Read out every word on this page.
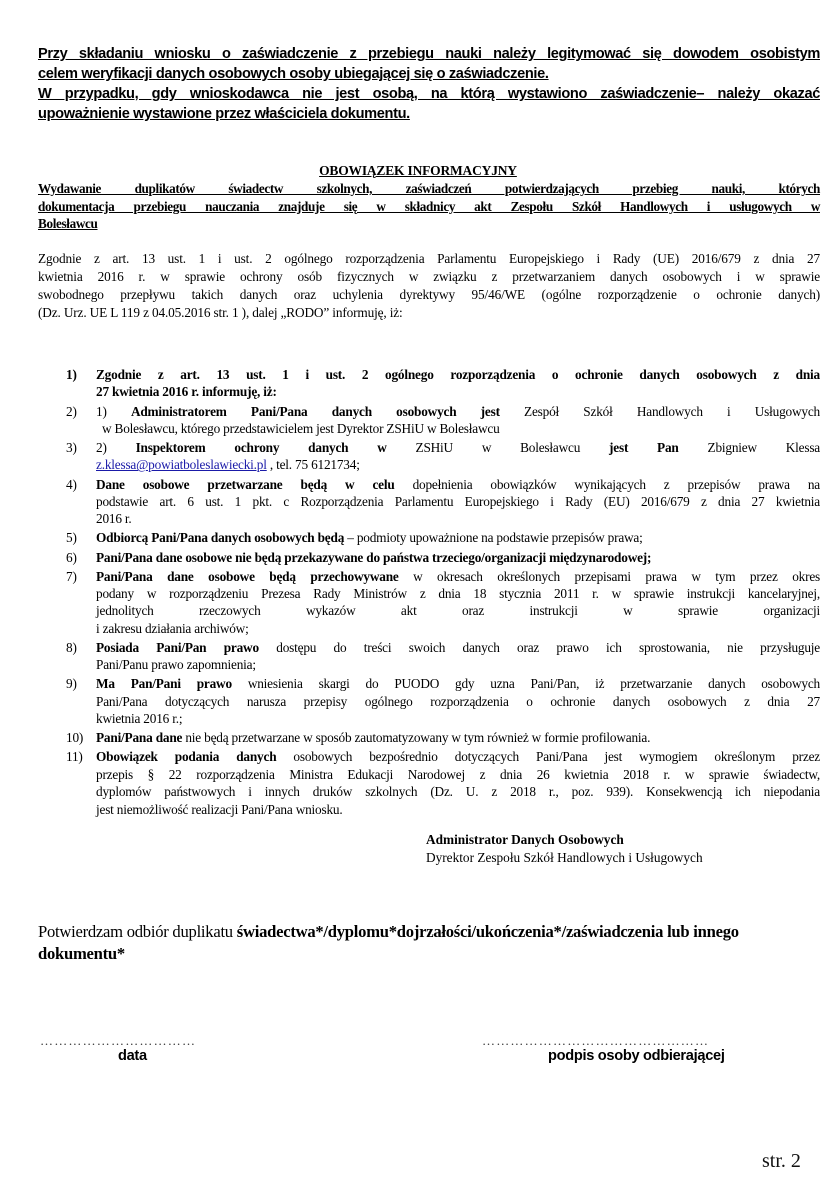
Przy składaniu wniosku o zaświadczenie z przebiegu nauki należy legitymować się dowodem osobistym

celem weryfikacji danych osobowych osoby ubiegającej się o zaświadczenie.

W przypadku, gdy wnioskodawca nie jest osobą, na którą wystawiono zaświadczenie– należy okazać

upoważnienie wystawione przez właściciela dokumentu.

OBOWIĄZEK INFORMACYJNY
Wydawanie duplikatów świadectw szkolnych, zaświadczeń potwierdzających przebieg nauki, których
dokumentacja przebiegu nauczania znajduje się w składnicy akt Zespołu Szkół Handlowych i usługowych w
Bolesławcu
Zgodnie z art. 13 ust. 1 i ust. 2 ogólnego rozporządzenia Parlamentu Europejskiego i Rady (UE) 2016/679 z dnia 27
kwietnia 2016 r. w sprawie ochrony osób fizycznych w związku z przetwarzaniem danych osobowych i w sprawie
swobodnego przepływu takich danych oraz uchylenia dyrektywy 95/46/WE (ogólne rozporządzenie o ochronie danych)
(Dz. Urz. UE L 119 z 04.05.2016 str. 1 ), dalej „RODO” informuję, iż:
1) Zgodnie z art. 13 ust. 1 i ust. 2 ogólnego rozporządzenia o ochronie danych osobowych z dnia
27 kwietnia 2016 r. informuję, iż:
2) 1) Administratorem Pani/Pana danych osobowych jest Zespół Szkół Handlowych i Usługowych
w Bolesławcu, którego przedstawicielem jest Dyrektor ZSHiU w Bolesławcu
3) 2) Inspektorem ochrony danych w ZSHiU w Bolesławcu jest Pan Zbigniew Klessa
z.klessa@powiatboleslawiecki.pl , tel. 75 6121734;
4) Dane osobowe przetwarzane będą w celu dopełnienia obowiązków wynikających z przepisów prawa na
podstawie art. 6 ust. 1 pkt. c Rozporządzenia Parlamentu Europejskiego i Rady (EU) 2016/679 z dnia 27 kwietnia
2016 r.
5) Odbiorcą Pani/Pana danych osobowych będą – podmioty upoważnione na podstawie przepisów prawa;
6) Pani/Pana dane osobowe nie będą przekazywane do państwa trzeciego/organizacji międzynarodowej;
7) Pani/Pana dane osobowe będą przechowywane w okresach określonych przepisami prawa w tym przez okres
podany w rozporządzeniu Prezesa Rady Ministrów z dnia 18 stycznia 2011 r. w sprawie instrukcji kancelaryjnej,
jednolitych rzeczowych wykazów akt oraz instrukcji w sprawie organizacji
i zakresu działania archiwów;
8) Posiada Pani/Pan prawo dostępu do treści swoich danych oraz prawo ich sprostowania, nie przysługuje
Pani/Panu prawo zapomnienia;
9) Ma Pan/Pani prawo wniesienia skargi do PUODO gdy uzna Pani/Pan, iż przetwarzanie danych osobowych
Pani/Pana dotyczących narusza przepisy ogólnego rozporządzenia o ochronie danych osobowych z dnia 27
kwietnia 2016 r.;
10) Pani/Pana dane nie będą przetwarzane w sposób zautomatyzowany w tym również w formie profilowania.
11) Obowiązek podania danych osobowych bezpośrednio dotyczących Pani/Pana jest wymogiem określonym przez
przepis § 22 rozporządzenia Ministra Edukacji Narodowej z dnia 26 kwietnia 2018 r. w sprawie świadectw,
dyplomów państwowych i innych druków szkolnych (Dz. U. z 2018 r., poz. 939). Konsekwencją ich niepodania
jest niemożliwość realizacji Pani/Pana wniosku.
Administrator Danych Osobowych
Dyrektor Zespołu Szkół Handlowych i Usługowych
Potwierdzam odbiór duplikatu świadectwa*/dyplomu*dojrzałości/ukończenia*/zaświadczenia lub innego dokumentu*
……………………………
data
…………………………………………
podpis osoby odbierającej
str. 2
